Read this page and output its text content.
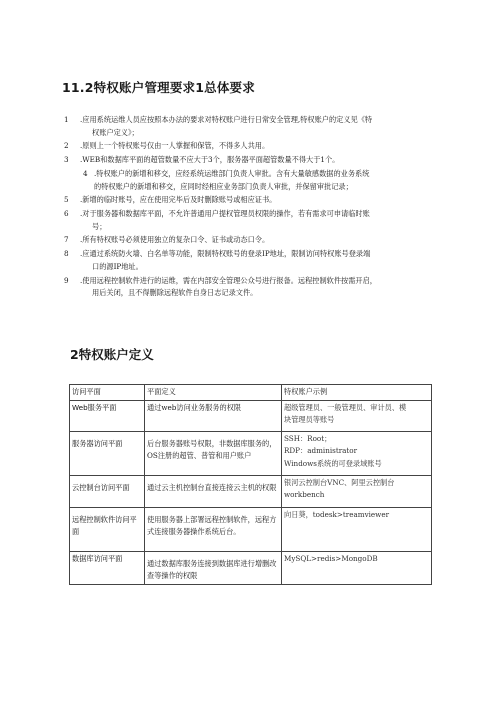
11.2特权账户管理要求1总体要求
1 .应用系统运维人员应按照本办法的要求对特权账户进行日常安全管理,特权账户的定义见《特
权账户定义》；
2 .原则上一个特权账号仅由一人掌握和保管，不得多人共用。
3 .WEB和数据库平面的超管数量不应大于3个，服务器平面超管数量不得大于1个。
4 .特权账户的新增和移交，应经系统运维部门负责人审批。含有大量敏感数据的业务系统
的特权账户的新增和移交，应同时经相应业务部门负责人审批，并保留审批记录；
5 .新增的临时账号，应在使用完毕后及时删除账号或相应证书。
6 .对于服务器和数据库平面，不允许普通用户提权管理员权限的操作，若有需求可申请临时账
号；
7 .所有特权账号必须使用独立的复杂口令、证书或动态口令。
8 .应通过系统防火墙、白名单等功能，限制特权账号的登录IP地址，限制访问特权账号登录端
口的源IP地址。
9 .使用远程控制软件进行的运维，需在内部安全管理公众号进行报备。远程控制软件按需开启，
用后关闭，且不得删除远程软件自身日志记录文件。
2特权账户定义
访问平面	平面定义	特权账户示例
Web服务平面	通过web访问业务服务的权限	超级管理员、一般管理员、审计员、模
块管理员等账号

服务器访问平面	后台服务器账号权限，非数据库服务的，OS注册的超管、普管和用户账户	SSH：Root；
RDP：administrator
Windows系统的可登录域账号

云控制台访问平面	通过云主机控制台直接连接云主机的权限	银河云控制台VNC、阿里云控制台
workbench

远程控制软件访问平面	使用服务器上部署远程控制软件，远程方式连接服务器操作系统后台。	向日葵，todesk>treamviewer

数据库访问平面	通过数据库服务连接到数据库进行增删改查等操作的权限	MySQL>redis>MongoDB
